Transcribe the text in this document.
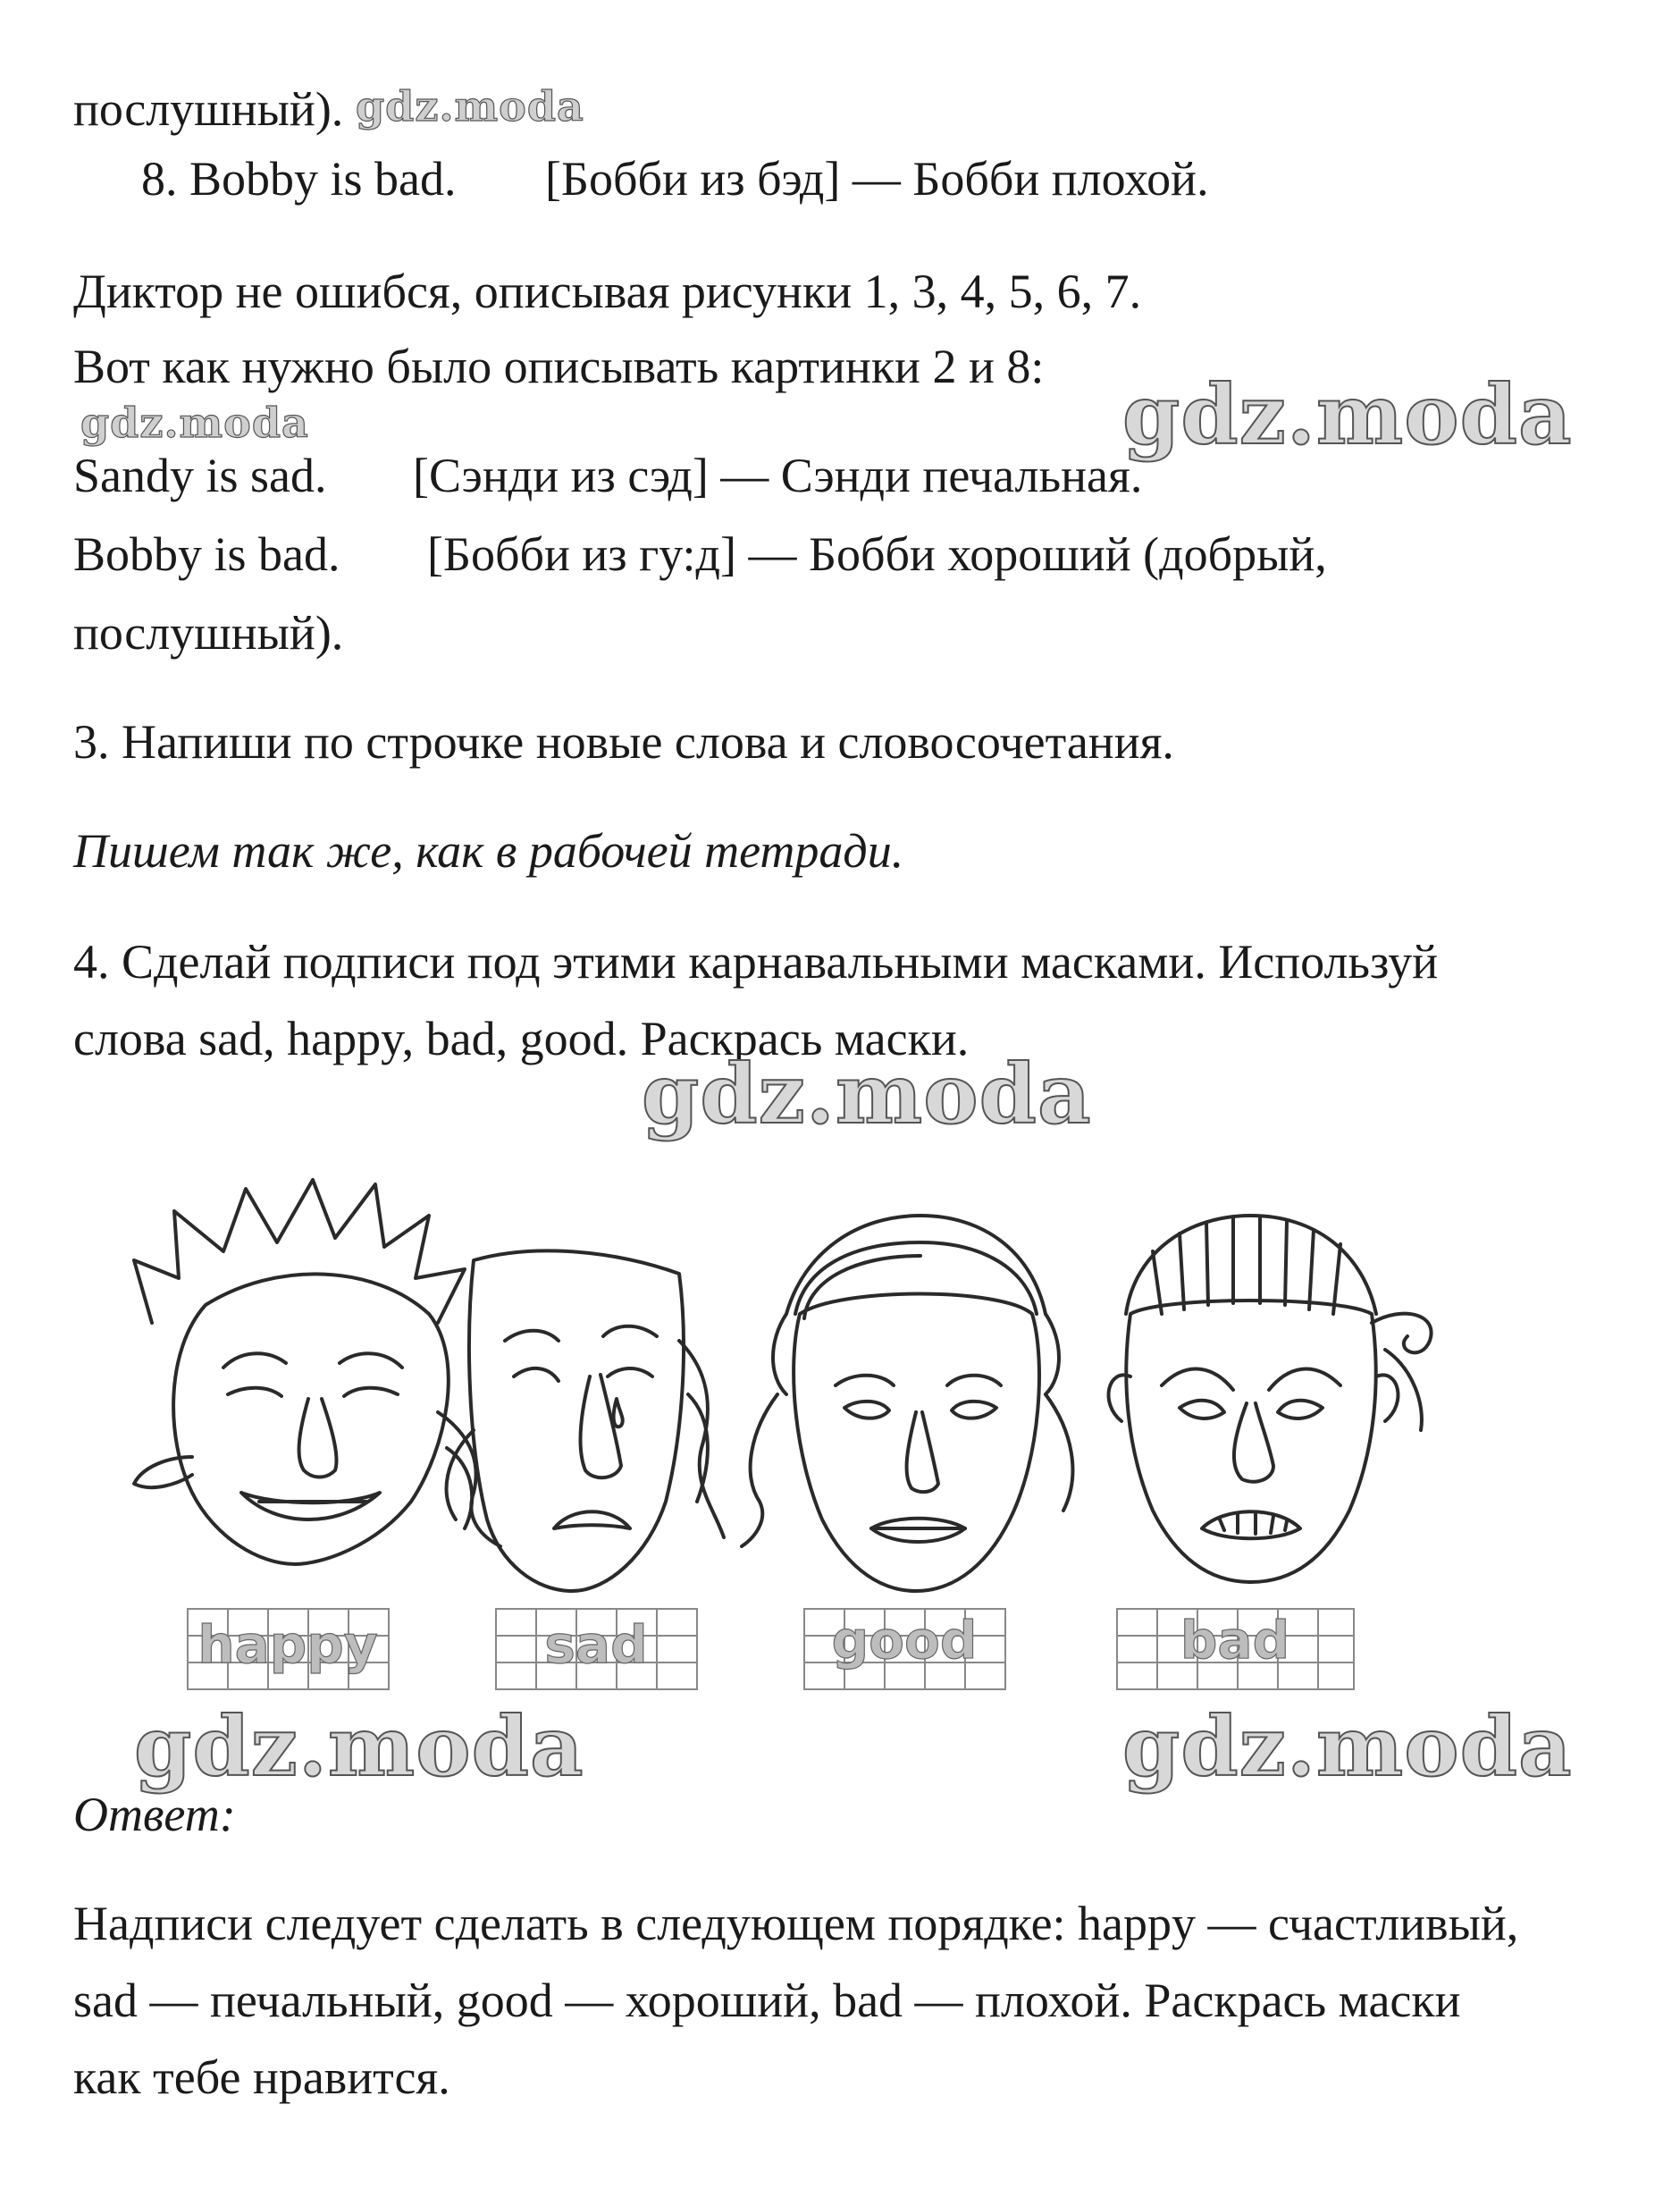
послушный).

8. Bobby is bad. [Бобби из бэд] — Бобби плохой.

Диктор не ошибся, описывая рисунки 1, 3, 4, 5, 6, 7.

Вот как нужно было описывать картинки 2 и 8:

Sandy is sad. [Сэнди из сэд] — Сэнди печальная.

Bobby is bad. [Бобби из гу:д] — Бобби хороший (добрый,

послушный).

3. Напиши по строчке новые слова и словосочетания.

Пишем так же, как в рабочей тетради.

4. Сделай подписи под этими карнавальными масками. Используй

слова sad, happy, bad, good. Раскрась маски.

Ответ:

Надписи следует сделать в следующем порядке: happy — счастливый,

sad — печальный, good — хороший, bad — плохой. Раскрась маски

как тебе нравится.

gdz.moda
gdz.moda	gdz.moda
gdz.moda
happy	sad	good	bad
gdz.moda	gdz.moda
